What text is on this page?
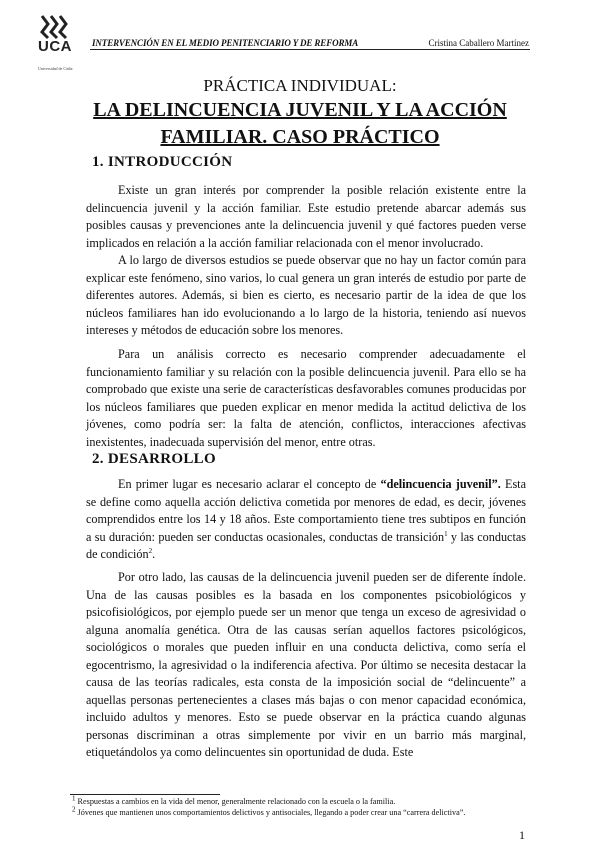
UCA
Universidad de Cádiz
INTERVENCIÓN EN EL MEDIO PENITENCIARIO Y DE REFORMA	Cristina Caballero Martínez
PRÁCTICA INDIVIDUAL:
LA DELINCUENCIA JUVENIL Y LA ACCIÓN FAMILIAR. CASO PRÁCTICO
1. INTRODUCCIÓN

Existe un gran interés por comprender la posible relación existente entre la delincuencia juvenil y la acción familiar. Este estudio pretende abarcar además sus posibles causas y prevenciones ante la delincuencia juvenil y qué factores pueden verse implicados en relación a la acción familiar relacionada con el menor involucrado.

A lo largo de diversos estudios se puede observar que no hay un factor común para explicar este fenómeno, sino varios, lo cual genera un gran interés de estudio por parte de diferentes autores. Además, si bien es cierto, es necesario partir de la idea de que los núcleos familiares han ido evolucionando a lo largo de la historia, teniendo así nuevos intereses y métodos de educación sobre los menores.

Para un análisis correcto es necesario comprender adecuadamente el funcionamiento familiar y su relación con la posible delincuencia juvenil. Para ello se ha comprobado que existe una serie de características desfavorables comunes producidas por los núcleos familiares que pueden explicar en menor medida la actitud delictiva de los jóvenes, como podría ser: la falta de atención, conflictos, interacciones afectivas inexistentes, inadecuada supervisión del menor, entre otras.

2. DESARROLLO

En primer lugar es necesario aclarar el concepto de “delincuencia juvenil”. Esta se define como aquella acción delictiva cometida por menores de edad, es decir, jóvenes comprendidos entre los 14 y 18 años. Este comportamiento tiene tres subtipos en función a su duración: pueden ser conductas ocasionales, conductas de transición$^1$ y las conductas de condición$^2$.

Por otro lado, las causas de la delincuencia juvenil pueden ser de diferente índole. Una de las causas posibles es la basada en los componentes psicobiológicos y psicofisiológicos, por ejemplo puede ser un menor que tenga un exceso de agresividad o alguna anomalía genética. Otra de las causas serían aquellos factores psicológicos, sociológicos o morales que pueden influir en una conducta delictiva, como sería el egocentrismo, la agresividad o la indiferencia afectiva. Por último se necesita destacar la causa de las teorías radicales, esta consta de la imposición social de “delincuente” a aquellas personas pertenecientes a clases más bajas o con menor capacidad económica, incluido adultos y menores. Esto se puede observar en la práctica cuando algunas personas discriminan a otras simplemente por vivir en un barrio más marginal, etiquetándolos ya como delincuentes sin oportunidad de duda. Este

$^1$ Respuestas a cambios en la vida del menor, generalmente relacionado con la escuela o la familia.

$^2$ Jóvenes que mantienen unos comportamientos delictivos y antisociales, llegando a poder crear una “carrera delictiva”.

1
